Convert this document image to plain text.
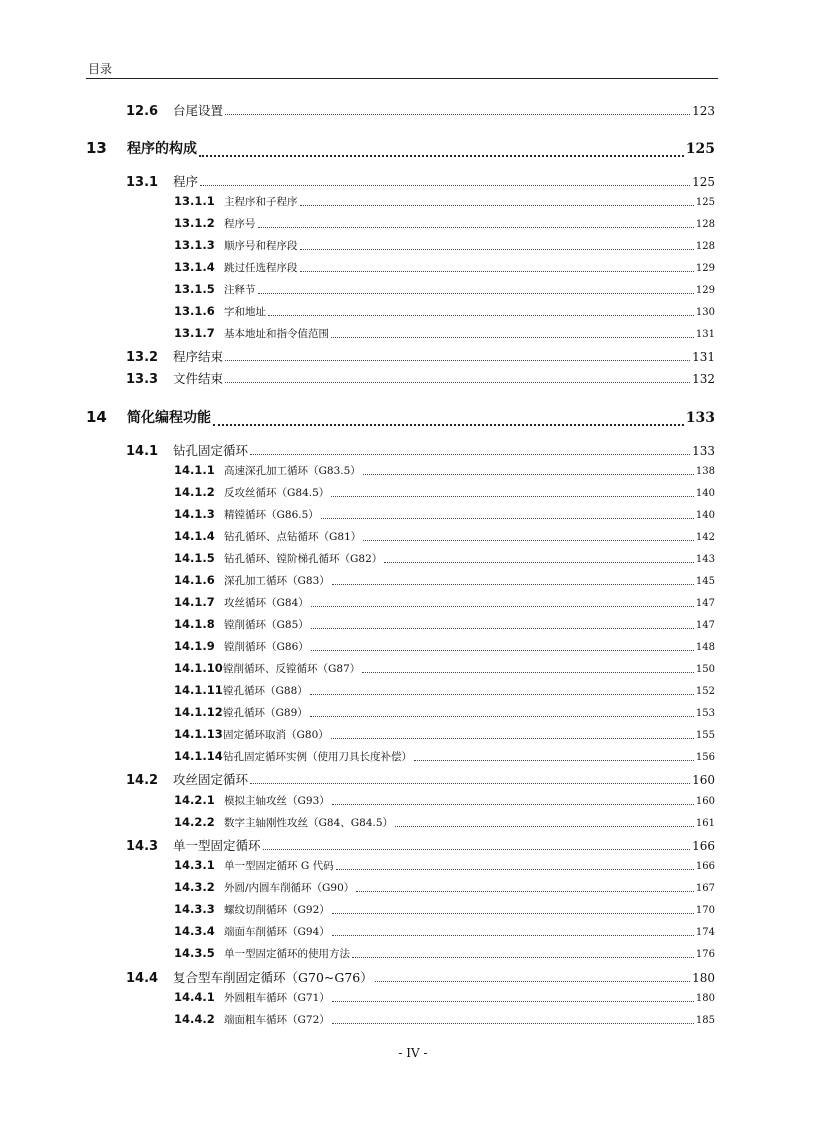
目录
12.6	台尾设置	123
13	程序的构成	125
13.1	程序	125
13.1.1 主程序和子程序	125
13.1.2 程序号	128
13.1.3 顺序号和程序段	128
13.1.4 跳过任选程序段	129
13.1.5 注释节	129
13.1.6 字和地址	130
13.1.7 基本地址和指令值范围	131
13.2	程序结束	131
13.3	文件结束	132
14	简化编程功能	133
14.1	钻孔固定循环	133
14.1.1 高速深孔加工循环（G83.5）	138
14.1.2 反攻丝循环（G84.5）	140
14.1.3 精镗循环（G86.5）	140
14.1.4 钻孔循环、点钻循环（G81）	142
14.1.5 钻孔循环、镗阶梯孔循环（G82）	143
14.1.6 深孔加工循环（G83）	145
14.1.7 攻丝循环（G84）	147
14.1.8 镗削循环（G85）	147
14.1.9 镗削循环（G86）	148
14.1.10 镗削循环、反镗循环（G87）	150
14.1.11 镗孔循环（G88）	152
14.1.12 镗孔循环（G89）	153
14.1.13 固定循环取消（G80）	155
14.1.14 钻孔固定循环实例（使用刀具长度补偿）	156
14.2	攻丝固定循环	160
14.2.1 模拟主轴攻丝（G93）	160
14.2.2 数字主轴刚性攻丝（G84、G84.5）	161
14.3	单一型固定循环	166
14.3.1 单一型固定循环 G 代码	166
14.3.2 外圆/内圆车削循环（G90）	167
14.3.3 螺纹切削循环（G92）	170
14.3.4 端面车削循环（G94）	174
14.3.5 单一型固定循环的使用方法	176
14.4	复合型车削固定循环（G70~G76）	180
14.4.1 外圆粗车循环（G71）	180
14.4.2 端面粗车循环（G72）	185
- IV -
